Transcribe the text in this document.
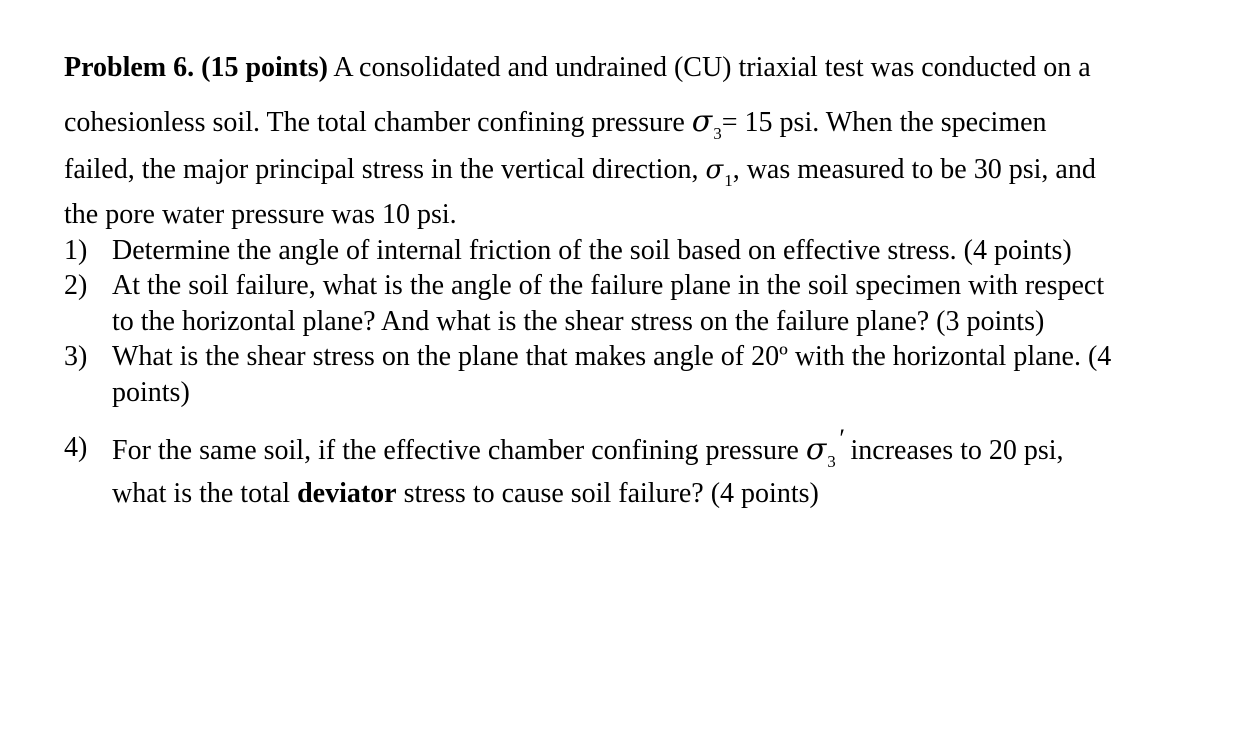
Problem 6. (15 points) A consolidated and undrained (CU) triaxial test was conducted on a
cohesionless soil. The total chamber confining pressure $\sigma_3= 15$ psi. When the specimen
failed, the major principal stress in the vertical direction, $\sigma_1$, was measured to be 30 psi, and
the pore water pressure was 10 psi.
1) Determine the angle of internal friction of the soil based on effective stress. (4 points)
2) At the soil failure, what is the angle of the failure plane in the soil specimen with respect
to the horizontal plane? And what is the shear stress on the failure plane? (3 points)
3) What is the shear stress on the plane that makes angle of 20º with the horizontal plane. (4
points)
4) For the same soil, if the effective chamber confining pressure $\sigma_3'$ increases to 20 psi,
what is the total deviator stress to cause soil failure? (4 points)
